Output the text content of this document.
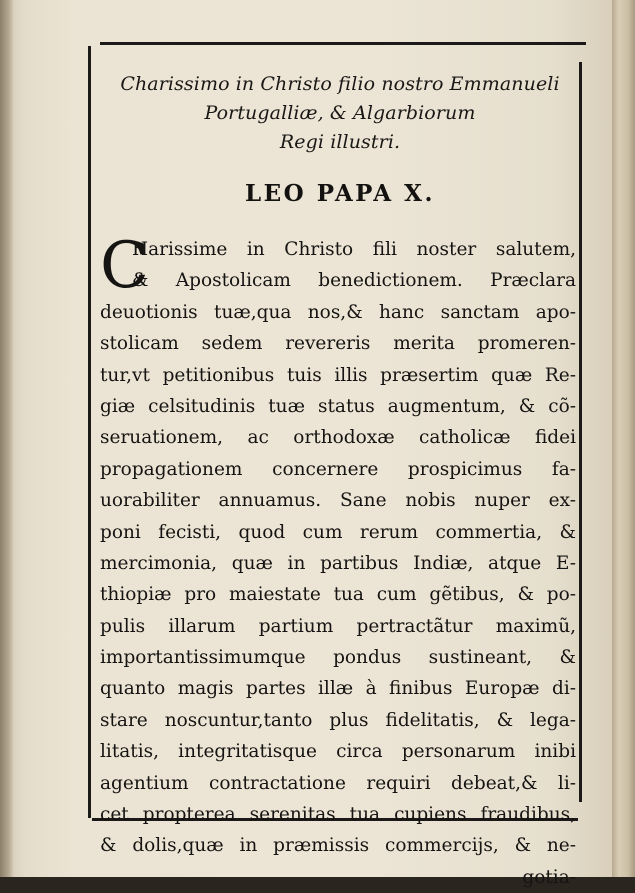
Charissimo in Christo filio nostro Emmanueli
Portugalliæ, & Algarbiorum
Regi illustri.

LEO PAPA X.
C
Harissime in Christo fili noster salutem,
& Apostolicam benedictionem. Præclara
deuotionis tuæ,qua nos,& hanc sanctam apo-
stolicam sedem revereris merita promeren-
tur,vt petitionibus tuis illis præsertim quæ Re-
giæ celsitudinis tuæ status augmentum, & cõ-
seruationem, ac orthodoxæ catholicæ fidei
propagationem concernere prospicimus fa-
uorabiliter annuamus. Sane nobis nuper ex-
poni fecisti, quod cum rerum commertia, &
mercimonia, quæ in partibus Indiæ, atque E-
thiopiæ pro maiestate tua cum gẽtibus, & po-
pulis illarum partium pertractãtur maximũ,
importantissimumque pondus sustineant, &
quanto magis partes illæ à finibus Europæ di-
stare noscuntur,tanto plus fidelitatis, & lega-
litatis, integritatisque circa personarum inibi
agentium contractatione requiri debeat,& li-
cet propterea serenitas tua cupiens fraudibus,
& dolis,quæ in præmissis commercijs, & ne-
gotia-
